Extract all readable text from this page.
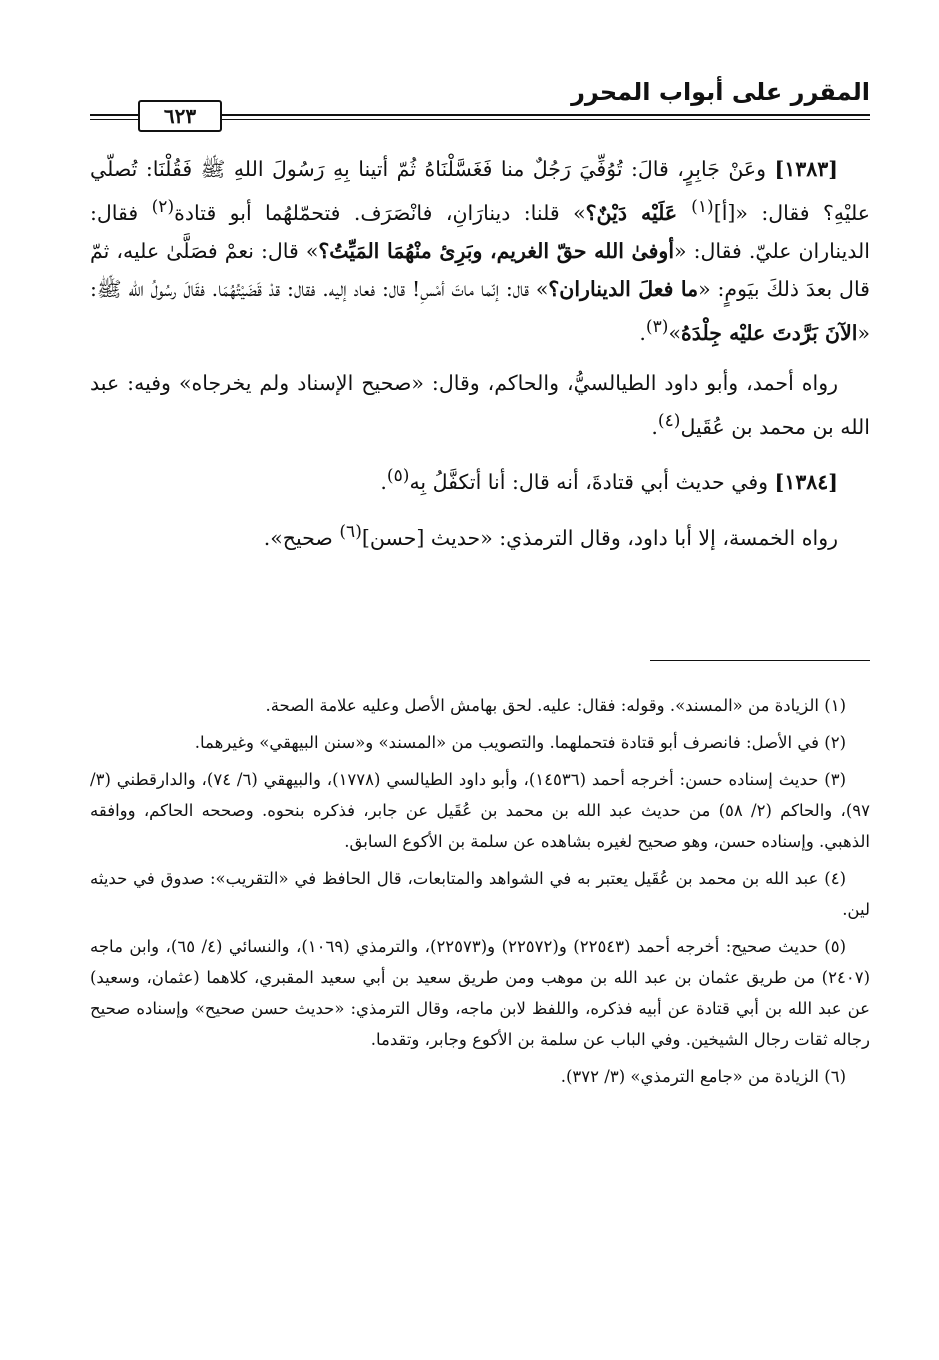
المقرر على أبواب المحرر
٦٢٣

[١٣٨٣] وعَنْ جَابِرٍ، قالَ: تُوُفِّيَ رَجُلٌ منا فَغَسَّلْنَاهُ ثُمّ أتينا بِهِ رَسُولَ اللهِ ﷺ فَقُلْنَا: تُصلّي عليْهِ؟ فقال: «[أ]$^{(١)}$ عَلَيْه دَيْنٌ؟» قلنا: دينارَانِ، فانْصَرَف. فتحمّلهُما أبو قتادة$^{(٢)}$ فقال: الديناران عليّ. فقال: «أوفىٰ الله حقّ الغريم، وبَرِئ منْهُمَا المَيِّتُ؟» قال: نعمْ فصَلَّىٰ عليه، ثمّ قال بعدَ ذلكَ بيَومٍ: «ما فعلَ الديناران؟» قال: إنّما ماتَ أمْسِ! قال: فعاد إليه. فقال: قدْ قَضَيْتُهُمَا. فقَالَ رسُولُ الله ﷺ: «الآنَ بَرَّدتَ عليْه جِلْدَهُ»$^{(٣)}$.

رواه أحمد، وأبو داود الطيالسيُّ، والحاكم، وقال: «صحيح الإسناد ولم يخرجاه» وفيه: عبد الله بن محمد بن عُقَيل$^{(٤)}$.

[١٣٨٤] وفي حديث أبي قتادةَ، أنه قال: أنا أتكفَّلُ بِه$^{(٥)}$.

رواه الخمسة، إلا أبا داود، وقال الترمذي: «حديث [حسن]$^{(٦)}$ صحيح».

(١) الزيادة من «المسند». وقوله: فقال: عليه. لحق بهامش الأصل وعليه علامة الصحة.

(٢) في الأصل: فانصرف أبو قتادة فتحملهما. والتصويب من «المسند» و«سنن البيهقي» وغيرهما.

(٣) حديث إسناده حسن: أخرجه أحمد (١٤٥٣٦)، وأبو داود الطيالسي (١٧٧٨)، والبيهقي (٦/ ٧٤)، والدارقطني (٣/ ٩٧)، والحاكم (٢/ ٥٨) من حديث عبد الله بن محمد بن عُقَيل عن جابر، فذكره بنحوه. وصححه الحاكم، ووافقه الذهبي. وإسناده حسن، وهو صحيح لغيره بشاهده عن سلمة بن الأكوع السابق.

(٤) عبد الله بن محمد بن عُقَيل يعتبر به في الشواهد والمتابعات، قال الحافظ في «التقريب»: صدوق في حديثه لين.

(٥) حديث صحيح: أخرجه أحمد (٢٢٥٤٣) و(٢٢٥٧٢) و(٢٢٥٧٣)، والترمذي (١٠٦٩)، والنسائي (٤/ ٦٥)، وابن ماجه (٢٤٠٧) من طريق عثمان بن عبد الله بن موهب ومن طريق سعيد بن أبي سعيد المقبري، كلاهما (عثمان، وسعيد) عن عبد الله بن أبي قتادة عن أبيه فذكره، واللفظ لابن ماجه، وقال الترمذي: «حديث حسن صحيح» وإسناده صحيح رجاله ثقات رجال الشيخين. وفي الباب عن سلمة بن الأكوع وجابر، وتقدما.

(٦) الزيادة من «جامع الترمذي» (٣/ ٣٧٢).
